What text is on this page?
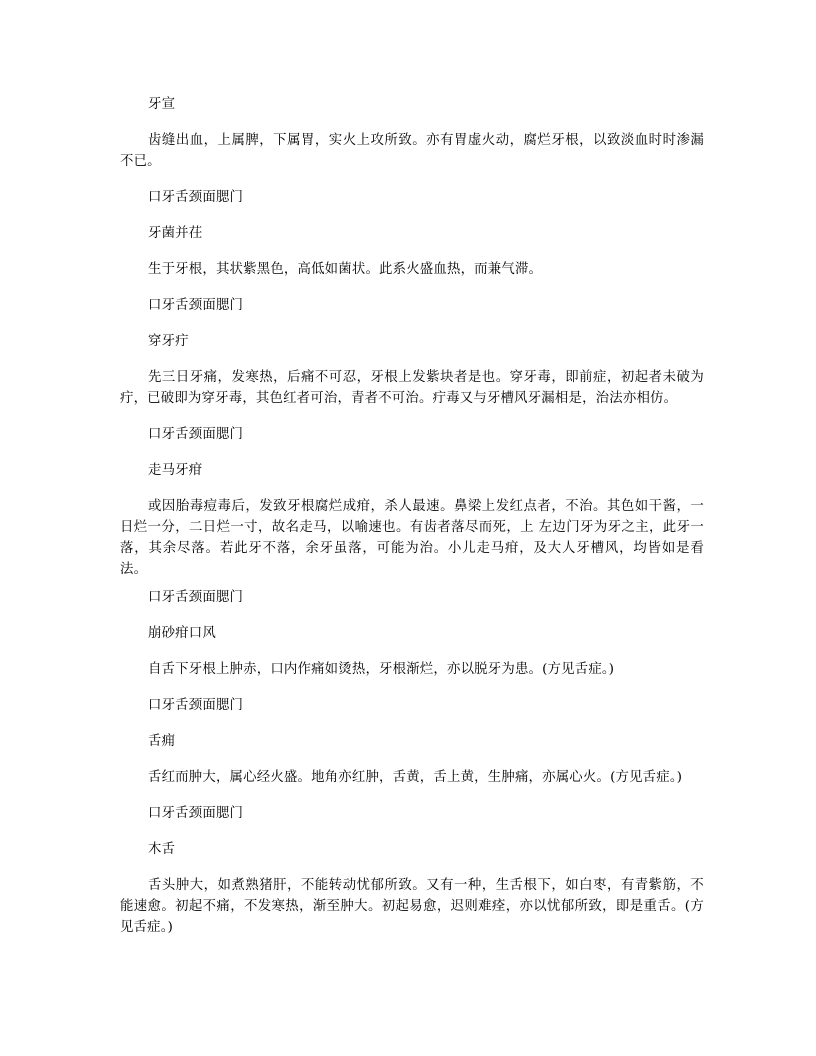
牙宣

齿缝出血，上属脾，下属胃，实火上攻所致。亦有胃虚火动，腐烂牙根，以致淡血时时渗漏不已。

口牙舌颈面腮门

牙菌并茌

生于牙根，其状紫黑色，高低如菌状。此系火盛血热，而兼气滞。

口牙舌颈面腮门

穿牙疔

先三日牙痛，发寒热，后痛不可忍，牙根上发紫块者是也。穿牙毒，即前症，初起者未破为疔，已破即为穿牙毒，其色红者可治，青者不可治。疔毒又与牙槽风牙漏相是，治法亦相仿。

口牙舌颈面腮门

走马牙疳

或因胎毒痘毒后，发致牙根腐烂成疳，杀人最速。鼻梁上发红点者，不治。其色如干酱，一日烂一分，二日烂一寸，故名走马，以喻速也。有齿者落尽而死，上 左边门牙为牙之主，此牙一落，其余尽落。若此牙不落，余牙虽落，可能为治。小儿走马疳，及大人牙槽风，均皆如是看法。

口牙舌颈面腮门

崩砂疳口风

自舌下牙根上肿赤，口内作痛如烫热，牙根渐烂，亦以脱牙为患。(方见舌症。)

口牙舌颈面腮门

舌痈

舌红而肿大，属心经火盛。地角亦红肿，舌黄，舌上黄，生肿痛，亦属心火。(方见舌症。)

口牙舌颈面腮门

木舌

舌头肿大，如煮熟猪肝，不能转动忧郁所致。又有一种，生舌根下，如白枣，有青紫筋，不能速愈。初起不痛，不发寒热，渐至肿大。初起易愈，迟则难痊，亦以忧郁所致，即是重舌。(方见舌症。)
